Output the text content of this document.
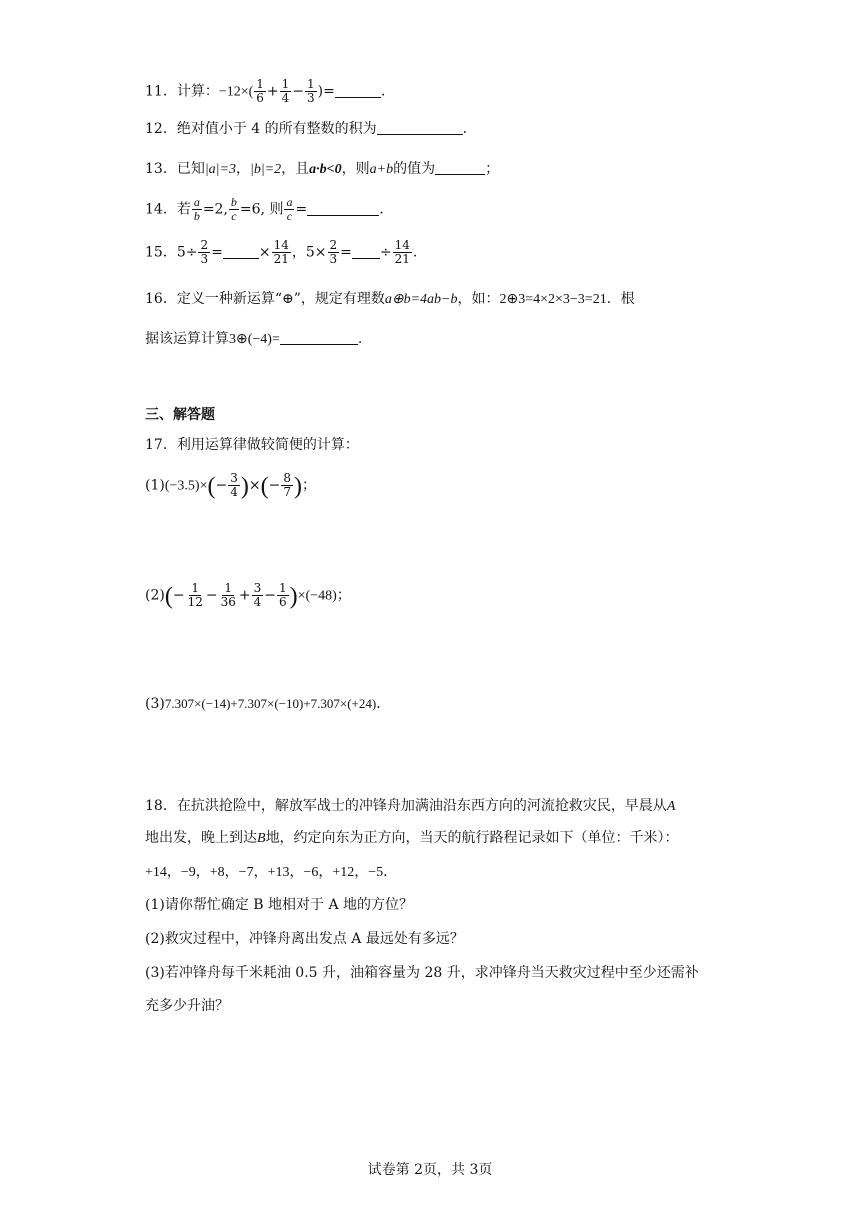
11．计算：$-12\times( \frac{1}{6} + \frac{1}{4} - \frac{1}{3}$ )=	.
12．绝对值小于 4 的所有整数的积为	.
13．已知|a|=3，|b|=2，且a·b<0，则a+b的值为	；
14．若 $\frac{a}{b} =2$, $\frac{b}{c} =6$, 则 $\frac{a}{c}$ =	.
15．$5\div \frac{2}{3}$ =	× $\frac{14}{21}$ ，$5\times \frac{2}{3}$ = ÷ $\frac{14}{21}$ .
16．定义一种新运算“⊕”，规定有理数a⊕b=4ab−b，如：2⊕3=4×2×3−3=21．根
据该运算计算3⊕(−4)=	.
三、解答题
17．利用运算律做较简便的计算：
$(1)(-3.5)\times(- \frac{3}{4}$ )×(− $\frac{8}{7}$ )；
$(2)(- \frac{1}{12} - \frac{1}{36} + \frac{3}{4} - \frac{1}{6} )\times(-48)$；
(3)7.307×(−14)+7.307×(−10)+7.307×(+24)．
18．在抗洪抢险中，解放军战士的冲锋舟加满油沿东西方向的河流抢救灾民，早晨从A
地出发，晚上到达B地，约定向东为正方向，当天的航行路程记录如下（单位：千米）：
+14，−9，+8，−7，+13，−6，+12，−5．
(1)请你帮忙确定 B 地相对于 A 地的方位？
(2)救灾过程中，冲锋舟离出发点 A 最远处有多远？
(3)若冲锋舟每千米耗油 0.5 升，油箱容量为 28 升，求冲锋舟当天救灾过程中至少还需补
充多少升油？
试卷第 2页，共 3页
